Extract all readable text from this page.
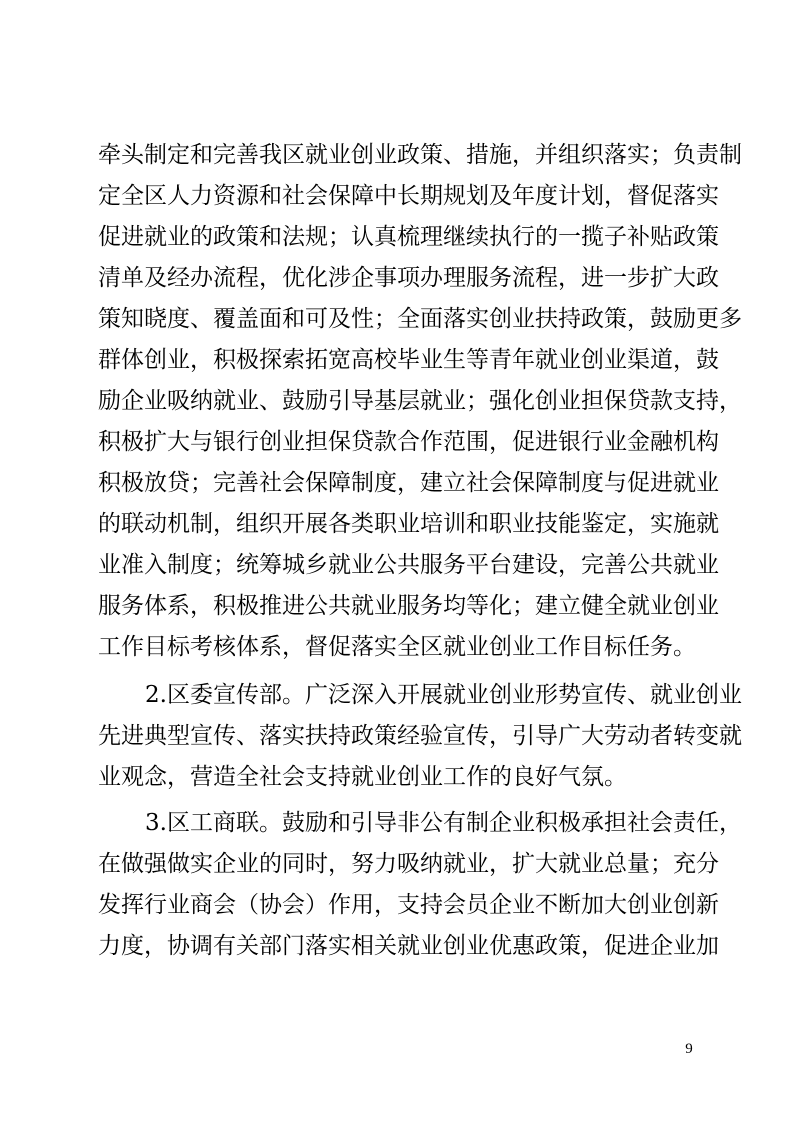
牵头制定和完善我区就业创业政策、措施，并组织落实；负责制
定全区人力资源和社会保障中长期规划及年度计划，督促落实
促进就业的政策和法规；认真梳理继续执行的一揽子补贴政策
清单及经办流程，优化涉企事项办理服务流程，进一步扩大政
策知晓度、覆盖面和可及性；全面落实创业扶持政策，鼓励更多
群体创业，积极探索拓宽高校毕业生等青年就业创业渠道，鼓
励企业吸纳就业、鼓励引导基层就业；强化创业担保贷款支持，
积极扩大与银行创业担保贷款合作范围，促进银行业金融机构
积极放贷；完善社会保障制度，建立社会保障制度与促进就业
的联动机制，组织开展各类职业培训和职业技能鉴定，实施就
业准入制度；统筹城乡就业公共服务平台建设，完善公共就业
服务体系，积极推进公共就业服务均等化；建立健全就业创业
工作目标考核体系，督促落实全区就业创业工作目标任务。
2.区委宣传部。广泛深入开展就业创业形势宣传、就业创业
先进典型宣传、落实扶持政策经验宣传，引导广大劳动者转变就
业观念，营造全社会支持就业创业工作的良好气氛。
3.区工商联。鼓励和引导非公有制企业积极承担社会责任，
在做强做实企业的同时，努力吸纳就业，扩大就业总量；充分
发挥行业商会（协会）作用，支持会员企业不断加大创业创新
力度，协调有关部门落实相关就业创业优惠政策，促进企业加
9
